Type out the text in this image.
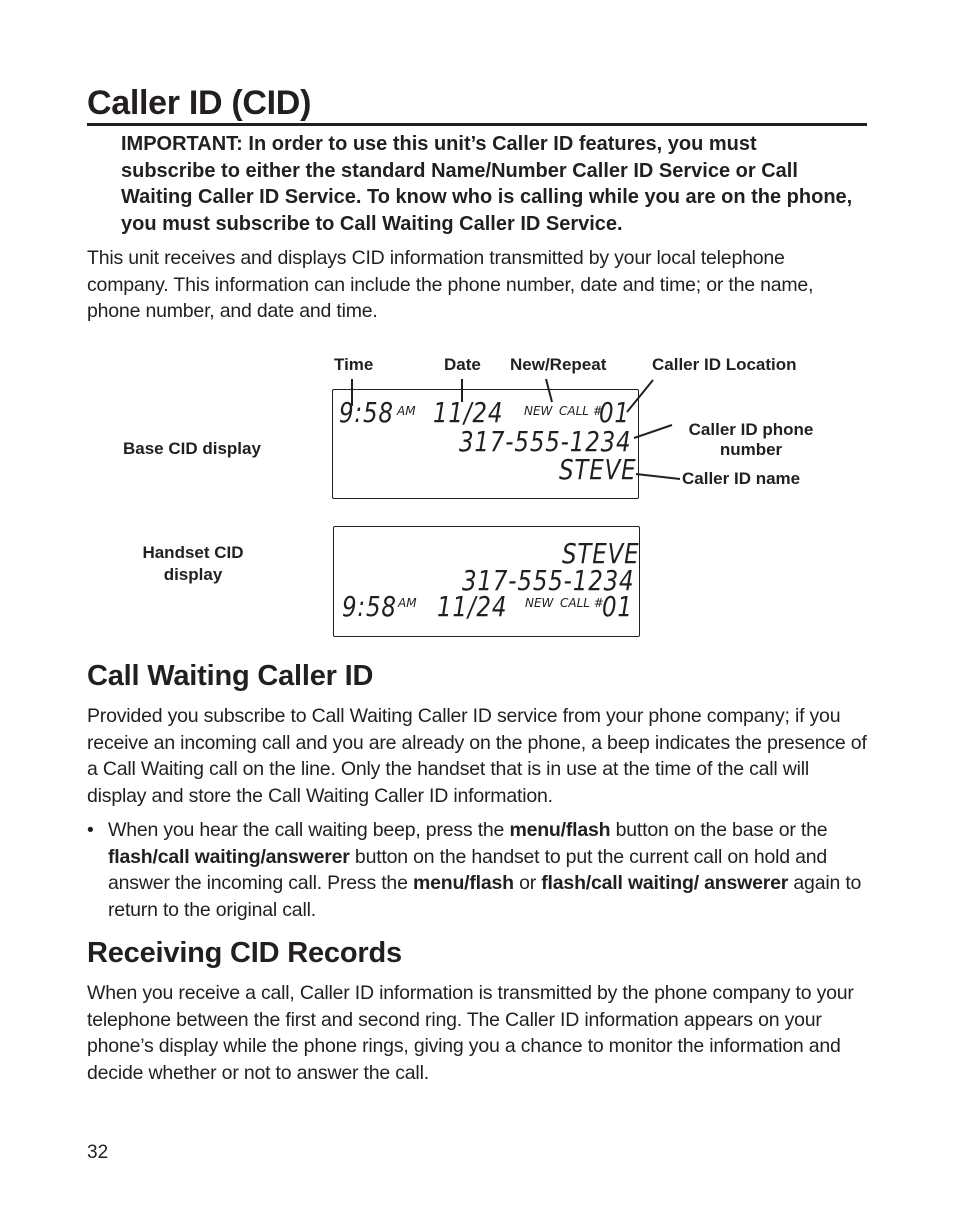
Caller ID (CID)
IMPORTANT: In order to use this unit’s Caller ID features, you must subscribe to either the standard Name/Number Caller ID Service or Call Waiting Caller ID Service. To know who is calling while you are on the phone, you must subscribe to Call Waiting Caller ID Service.
This unit receives and displays CID information transmitted by your local telephone company. This information can include the phone number, date and time; or the name, phone number, and date and time.
Time	Date New/Repeat	Caller ID Location
Caller ID phone number
Caller ID name
Base CID display
Handset CID display
9:58 AM 11/24 NEW CALL #
01
317-555-1234
STEVE
STEVE
317-555-1234
9:58 AM 11/24 NEW CALL #
01
Call Waiting Caller ID
Provided you subscribe to Call Waiting Caller ID service from your phone company; if you receive an incoming call and you are already on the phone, a beep indicates the presence of a Call Waiting call on the line. Only the handset that is in use at the time of the call will display and store the Call Waiting Caller ID information.
• When you hear the call waiting beep, press the menu/flash button on the base or the flash/call waiting/answerer button on the handset to put the current call on hold and answer the incoming call. Press the menu/flash or flash/call waiting/ answerer again to return to the original call.
Receiving CID Records
When you receive a call, Caller ID information is transmitted by the phone company to your telephone between the first and second ring. The Caller ID information appears on your phone’s display while the phone rings, giving you a chance to monitor the information and decide whether or not to answer the call.
32
